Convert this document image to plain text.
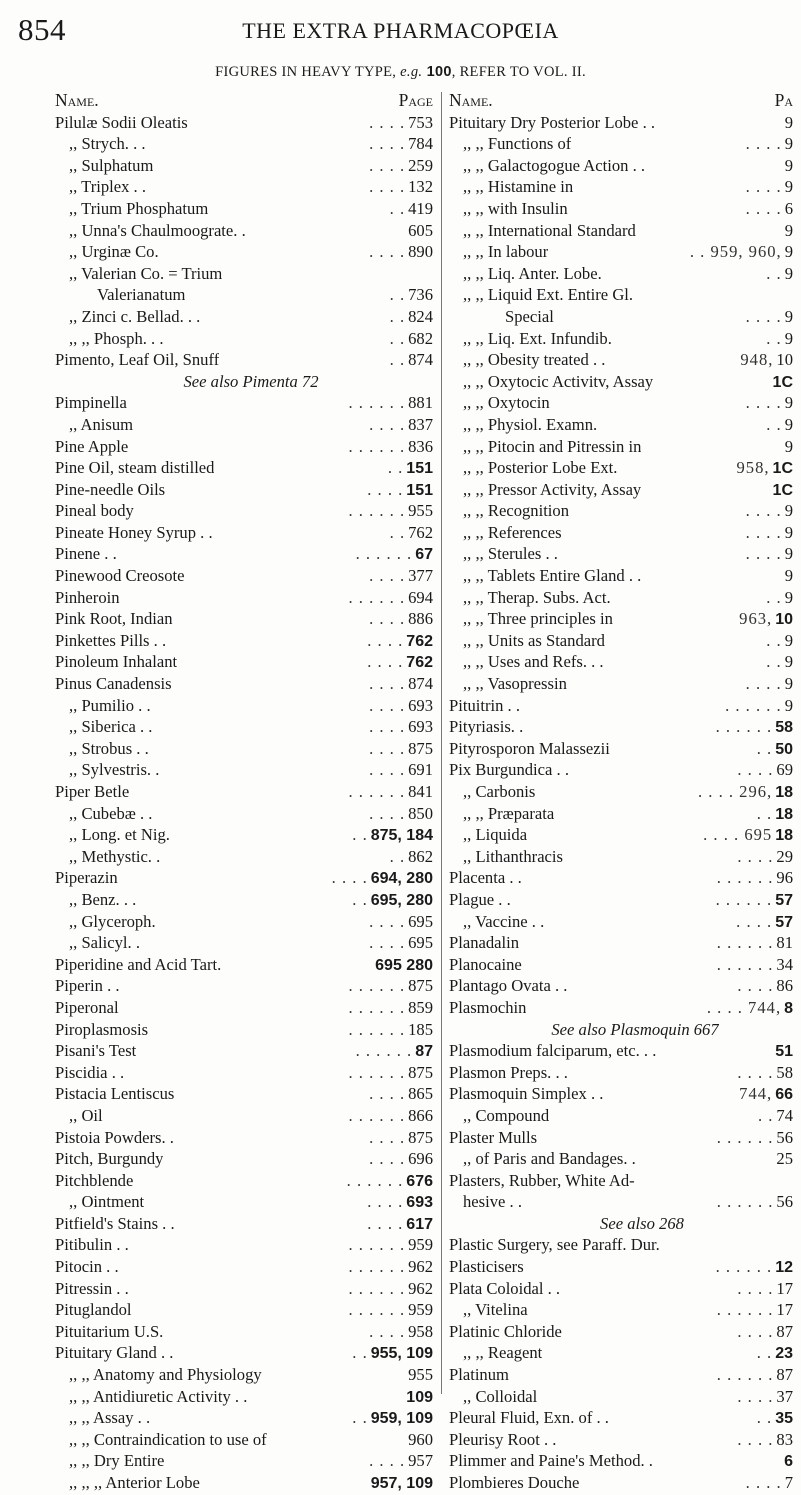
854	THE EXTRA PHARMACOPŒIA
FIGURES IN HEAVY TYPE, e.g. 100, REFER TO VOL. II.
Name.	Page
Pilulæ Sodii Oleatis	. . . . 753
,, Strych. . .	. . . . 784
,, Sulphatum	. . . . 259
,, Triplex . .	. . . . 132
,, Trium Phosphatum	. . 419
,, Unna's Chaulmoograte. .	605
,, Urginæ Co.	. . . . 890
,, Valerian Co. = Trium
Valerianatum	. . 736
,, Zinci c. Bellad. . .	. . 824
,, ,, Phosph. . .	. . 682
Pimento, Leaf Oil, Snuff	. . 874
See also Pimenta 72
Pimpinella	. . . . . . 881
,, Anisum	. . . . 837
Pine Apple	. . . . . . 836
Pine Oil, steam distilled	. . 151
Pine-needle Oils	. . . . 151
Pineal body	. . . . . . 955
Pineate Honey Syrup . .	. . 762
Pinene . .	. . . . . . 67
Pinewood Creosote	. . . . 377
Pinheroin	. . . . . . 694
Pink Root, Indian	. . . . 886
Pinkettes Pills . .	. . . . 762
Pinoleum Inhalant	. . . . 762
Pinus Canadensis	. . . . 874
,, Pumilio . .	. . . . 693
,, Siberica . .	. . . . 693
,, Strobus . .	. . . . 875
,, Sylvestris. .	. . . . 691
Piper Betle	. . . . . . 841
,, Cubebæ . .	. . . . 850
,, Long. et Nig.	. . 875, 184
,, Methystic. .	. . 862
Piperazin	. . . . 694, 280
,, Benz. . .	. . 695, 280
,, Glyceroph.	. . . . 695
,, Salicyl. .	. . . . 695
Piperidine and Acid Tart.	695 280
Piperin . .	. . . . . . 875
Piperonal	. . . . . . 859
Piroplasmosis	. . . . . . 185
Pisani's Test	. . . . . . 87
Piscidia . .	. . . . . . 875
Pistacia Lentiscus	. . . . 865
,, Oil	. . . . . . 866
Pistoia Powders. .	. . . . 875
Pitch, Burgundy	. . . . 696
Pitchblende	. . . . . . 676
,, Ointment	. . . . 693
Pitfield's Stains . .	. . . . 617
Pitibulin . .	. . . . . . 959
Pitocin . .	. . . . . . 962
Pitressin . .	. . . . . . 962
Pituglandol	. . . . . . 959
Pituitarium U.S.	. . . . 958
Pituitary Gland . .	. . 955, 109
,, ,, Anatomy and Physiology	955
,, ,, Antidiuretic Activity . .	109
,, ,, Assay . .	. . 959, 109
,, ,, Contraindication to use of	960
,, ,, Dry Entire	. . . . 957
,, ,, ,, Anterior Lobe	957, 109
Name.	Pa
Pituitary Dry Posterior Lobe . .	9
,, ,, Functions of	. . . . 9
,, ,, Galactogogue Action . .	9
,, ,, Histamine in	. . . . 9
,, ,, with Insulin	. . . . 6
,, ,, International Standard	9
,, ,, In labour	. . 959, 960, 9
,, ,, Liq. Anter. Lobe.	. . 9
,, ,, Liquid Ext. Entire Gl.
Special	. . . . 9
,, ,, Liq. Ext. Infundib.	. . 9
,, ,, Obesity treated . .	948, 10
,, ,, Oxytocic Activitv, Assay	1C
,, ,, Oxytocin	. . . . 9
,, ,, Physiol. Examn.	. . 9
,, ,, Pitocin and Pitressin in	9
,, ,, Posterior Lobe Ext.	958, 1C
,, ,, Pressor Activity, Assay	1C
,, ,, Recognition	. . . . 9
,, ,, References	. . . . 9
,, ,, Sterules . .	. . . . 9
,, ,, Tablets Entire Gland . .	9
,, ,, Therap. Subs. Act.	. . 9
,, ,, Three principles in	963, 10
,, ,, Units as Standard	. . 9
,, ,, Uses and Refs. . .	. . 9
,, ,, Vasopressin	. . . . 9
Pituitrin . .	. . . . . . 9
Pityriasis. .	. . . . . . 58
Pityrosporon Malassezii	. . 50
Pix Burgundica . .	. . . . 69
,, Carbonis	. . . . 296, 18
,, ,, Præparata	. . 18
,, Liquida	. . . . 695 18
,, Lithanthracis	. . . . 29
Placenta . .	. . . . . . 96
Plague . .	. . . . . . 57
,, Vaccine . .	. . . . 57
Planadalin	. . . . . . 81
Planocaine	. . . . . . 34
Plantago Ovata . .	. . . . 86
Plasmochin	. . . . 744, 8
See also Plasmoquin 667
Plasmodium falciparum, etc. . .	51
Plasmon Preps. . .	. . . . 58
Plasmoquin Simplex . .	744, 66
,, Compound	. . 74
Plaster Mulls	. . . . . . 56
,, of Paris and Bandages. .	25
Plasters, Rubber, White Ad-
hesive . .	. . . . . . 56
See also 268
Plastic Surgery, see Paraff. Dur.
Plasticisers	. . . . . . 12
Plata Coloidal . .	. . . . 17
,, Vitelina	. . . . . . 17
Platinic Chloride	. . . . 87
,, ,, Reagent	. . 23
Platinum	. . . . . . 87
,, Colloidal	. . . . 37
Pleural Fluid, Exn. of . .	. . 35
Pleurisy Root . .	. . . . 83
Plimmer and Paine's Method. .	6
Plombieres Douche	. . . . 7
